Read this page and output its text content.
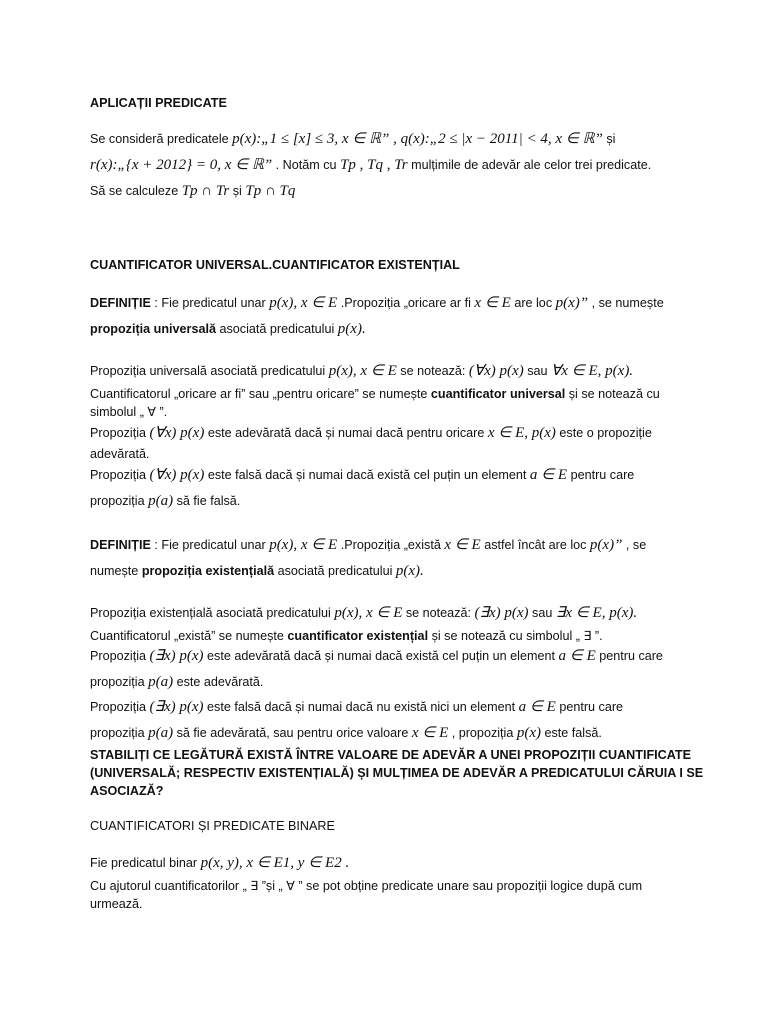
APLICAȚII PREDICATE
Se consideră predicatele p(x):„1 ≤ [x] ≤ 3, x ∈ ℝ” , q(x):„2 ≤ |x − 2011| < 4, x ∈ ℝ” și
r(x):„{x + 2012} = 0, x ∈ ℝ” . Notăm cu Tp , Tq , Tr mulțimile de adevăr ale celor trei predicate.
Să se calculeze Tp ∩ Tr și Tp ∩ Tq
CUANTIFICATOR UNIVERSAL.CUANTIFICATOR EXISTENȚIAL
DEFINIȚIE : Fie predicatul unar p(x), x ∈ E .Propoziția „oricare ar fi x ∈ E are loc p(x)” , se numește
propoziția universală asociată predicatului p(x).
Propoziția universală asociată predicatului p(x), x ∈ E se notează: (∀x) p(x) sau ∀x ∈ E, p(x).
Cuantificatorul „oricare ar fi” sau „pentru oricare” se numește cuantificator universal și se notează cu
simbolul „ ∀ ”.
Propoziția (∀x) p(x) este adevărată dacă și numai dacă pentru oricare x ∈ E, p(x) este o propoziție
adevărată.
Propoziția (∀x) p(x) este falsă dacă și numai dacă există cel puțin un element a ∈ E pentru care
propoziția p(a) să fie falsă.
DEFINIȚIE : Fie predicatul unar p(x), x ∈ E .Propoziția „există x ∈ E astfel încât are loc p(x)” , se
numește propoziția existențială asociată predicatului p(x).
Propoziția existențială asociată predicatului p(x), x ∈ E se notează: (∃x) p(x) sau ∃x ∈ E, p(x).
Cuantificatorul „există” se numește cuantificator existențial și se notează cu simbolul „ ∃ ”.
Propoziția (∃x) p(x) este adevărată dacă și numai dacă există cel puțin un element a ∈ E pentru care
propoziția p(a) este adevărată.
Propoziția (∃x) p(x) este falsă dacă și numai dacă nu există nici un element a ∈ E pentru care
propoziția p(a) să fie adevărată, sau pentru orice valoare x ∈ E , propoziția p(x) este falsă.
STABILIȚI CE LEGĂTURĂ EXISTĂ ÎNTRE VALOARE DE ADEVĂR A UNEI PROPOZIȚII CUANTIFICATE
(UNIVERSALĂ; RESPECTIV EXISTENȚIALĂ) ȘI MULȚIMEA DE ADEVĂR A PREDICATULUI CĂRUIA I SE
ASOCIAZĂ?
CUANTIFICATORI ȘI PREDICATE BINARE
Fie predicatul binar p(x, y), x ∈ E1, y ∈ E2 .
Cu ajutorul cuantificatorilor „ ∃ ”și „ ∀ ” se pot obține predicate unare sau propoziții logice după cum
urmează.
